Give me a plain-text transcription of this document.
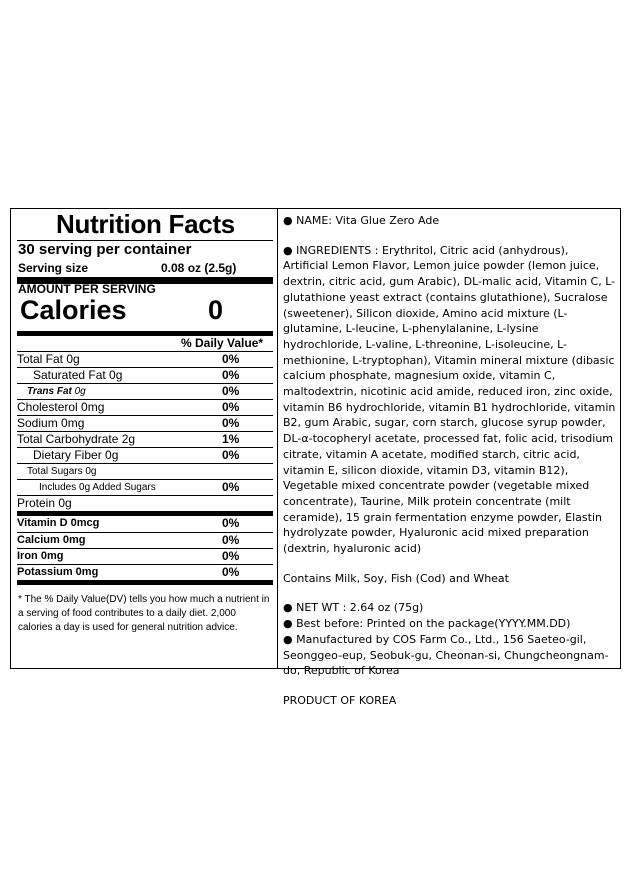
Nutrition Facts
30 serving per container
Serving size	0.08 oz (2.5g)
AMOUNT PER SERVING
Calories	0
% Daily Value*
Total Fat 0g	0%
Saturated Fat 0g	0%
Trans Fat 0g	0%
Cholesterol 0mg	0%
Sodium 0mg	0%
Total Carbohydrate 2g	1%
Dietary Fiber 0g	0%
Total Sugars 0g
Includes 0g Added Sugars	0%
Protein 0g
Vitamin D 0mcg	0%
Calcium 0mg	0%
Iron 0mg	0%
Potassium 0mg	0%
* The % Daily Value(DV) tells you how much a nutrient in a serving of food contributes to a daily diet. 2,000 calories a day is used for general nutrition advice.

● NAME: Vita Glue Zero Ade

● INGREDIENTS : Erythritol, Citric acid (anhydrous), Artificial Lemon Flavor, Lemon juice powder (lemon juice, dextrin, citric acid, gum Arabic), DL-malic acid, Vitamin C, L-glutathione yeast extract (contains glutathione), Sucralose (sweetener), Silicon dioxide, Amino acid mixture (L-glutamine, L-leucine, L-phenylalanine, L-lysine hydrochloride, L-valine, L-threonine, L-isoleucine, L-methionine, L-tryptophan), Vitamin mineral mixture (dibasic calcium phosphate, magnesium oxide, vitamin C, maltodextrin, nicotinic acid amide, reduced iron, zinc oxide, vitamin B6 hydrochloride, vitamin B1 hydrochloride, vitamin B2, gum Arabic, sugar, corn starch, glucose syrup powder, DL-α-tocopheryl acetate, processed fat, folic acid, trisodium citrate, vitamin A acetate, modified starch, citric acid, vitamin E, silicon dioxide, vitamin D3, vitamin B12), Vegetable mixed concentrate powder (vegetable mixed concentrate), Taurine, Milk protein concentrate (milt ceramide), 15 grain fermentation enzyme powder, Elastin hydrolyzate powder, Hyaluronic acid mixed preparation (dextrin, hyaluronic acid)

Contains Milk, Soy, Fish (Cod) and Wheat

● NET WT : 2.64 oz (75g)

● Best before: Printed on the package(YYYY.MM.DD)

● Manufactured by COS Farm Co., Ltd., 156 Saeteo-gil, Seonggeo-eup, Seobuk-gu, Cheonan-si, Chungcheongnam-do, Republic of Korea

PRODUCT OF KOREA
